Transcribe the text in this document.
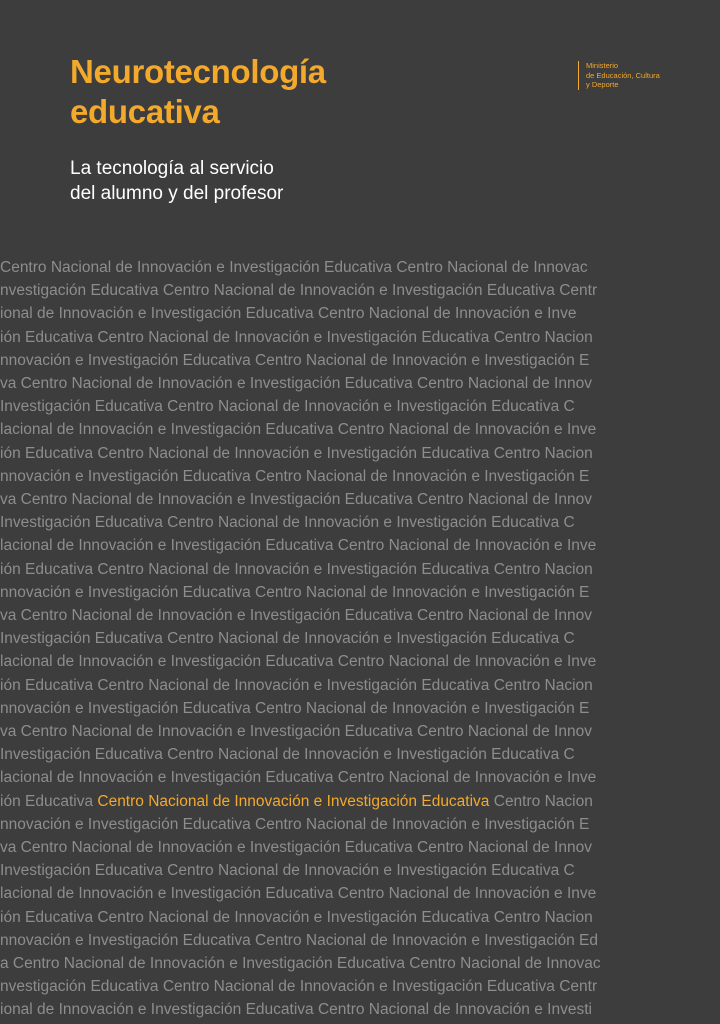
Neurotecnología
educativa
La tecnología al servicio
del alumno y del profesor
Ministerio
de Educación, Cultura
y Deporte
Centro Nacional de Innovación e Investigación Educativa Centro Nacional de Innovac
nvestigación Educativa Centro Nacional de Innovación e Investigación Educativa Centr
ional de Innovación e Investigación Educativa Centro Nacional de Innovación e Inve
ión Educativa Centro Nacional de Innovación e Investigación Educativa Centro Nacion
nnovación e Investigación Educativa Centro Nacional de Innovación e Investigación E
va Centro Nacional de Innovación e Investigación Educativa Centro Nacional de Innov
Investigación Educativa Centro Nacional de Innovación e Investigación Educativa C
lacional de Innovación e Investigación Educativa Centro Nacional de Innovación e Inve
ión Educativa Centro Nacional de Innovación e Investigación Educativa Centro Nacion
nnovación e Investigación Educativa Centro Nacional de Innovación e Investigación E
va Centro Nacional de Innovación e Investigación Educativa Centro Nacional de Innov
Investigación Educativa Centro Nacional de Innovación e Investigación Educativa C
lacional de Innovación e Investigación Educativa Centro Nacional de Innovación e Inve
ión Educativa Centro Nacional de Innovación e Investigación Educativa Centro Nacion
nnovación e Investigación Educativa Centro Nacional de Innovación e Investigación E
va Centro Nacional de Innovación e Investigación Educativa Centro Nacional de Innov
Investigación Educativa Centro Nacional de Innovación e Investigación Educativa C
lacional de Innovación e Investigación Educativa Centro Nacional de Innovación e Inve
ión Educativa Centro Nacional de Innovación e Investigación Educativa Centro Nacion
nnovación e Investigación Educativa Centro Nacional de Innovación e Investigación E
va Centro Nacional de Innovación e Investigación Educativa Centro Nacional de Innov
Investigación Educativa Centro Nacional de Innovación e Investigación Educativa C
lacional de Innovación e Investigación Educativa Centro Nacional de Innovación e Inve
ión Educativa Centro Nacional de Innovación e Investigación Educativa Centro Nacion
nnovación e Investigación Educativa Centro Nacional de Innovación e Investigación E
va Centro Nacional de Innovación e Investigación Educativa Centro Nacional de Innov
Investigación Educativa Centro Nacional de Innovación e Investigación Educativa C
lacional de Innovación e Investigación Educativa Centro Nacional de Innovación e Inve
ión Educativa Centro Nacional de Innovación e Investigación Educativa Centro Nacion
nnovación e Investigación Educativa Centro Nacional de Innovación e Investigación Ed
a Centro Nacional de Innovación e Investigación Educativa Centro Nacional de Innovac
nvestigación Educativa Centro Nacional de Innovación e Investigación Educativa Centr
ional de Innovación e Investigación Educativa Centro Nacional de Innovación e Investi
